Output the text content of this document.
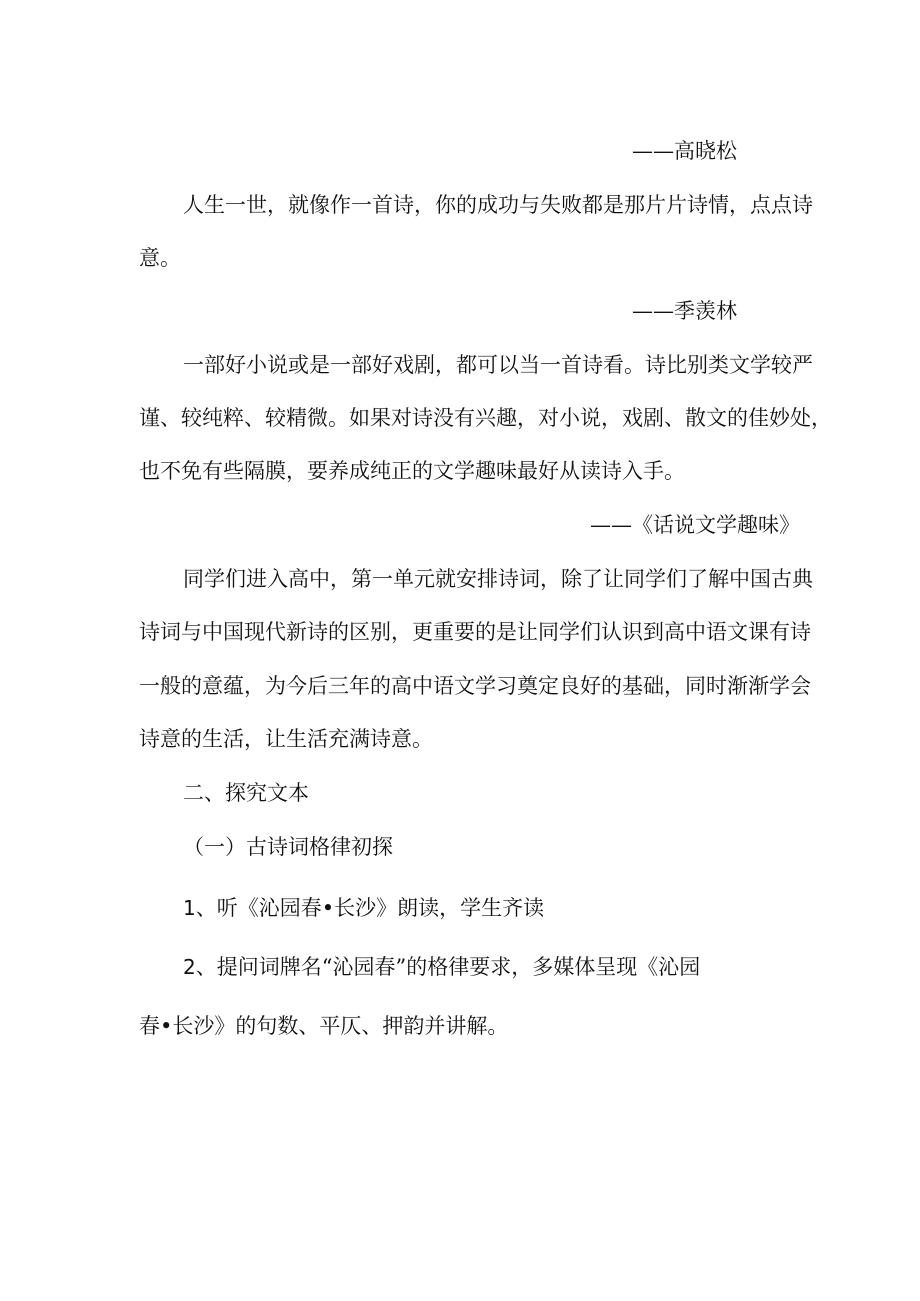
——高晓松
人生一世，就像作一首诗，你的成功与失败都是那片片诗情，点点诗
意。
——季羡林
一部好小说或是一部好戏剧，都可以当一首诗看。诗比别类文学较严
谨、较纯粹、较精微。如果对诗没有兴趣，对小说，戏剧、散文的佳妙处，
也不免有些隔膜，要养成纯正的文学趣味最好从读诗入手。
——《话说文学趣味》
同学们进入高中，第一单元就安排诗词，除了让同学们了解中国古典
诗词与中国现代新诗的区别，更重要的是让同学们认识到高中语文课有诗
一般的意蕴，为今后三年的高中语文学习奠定良好的基础，同时渐渐学会
诗意的生活，让生活充满诗意。
二、探究文本
（一）古诗词格律初探
1、听《沁园春•长沙》朗读，学生齐读
2、提问词牌名“沁园春”的格律要求，多媒体呈现《沁园
春•长沙》的句数、平仄、押韵并讲解。
